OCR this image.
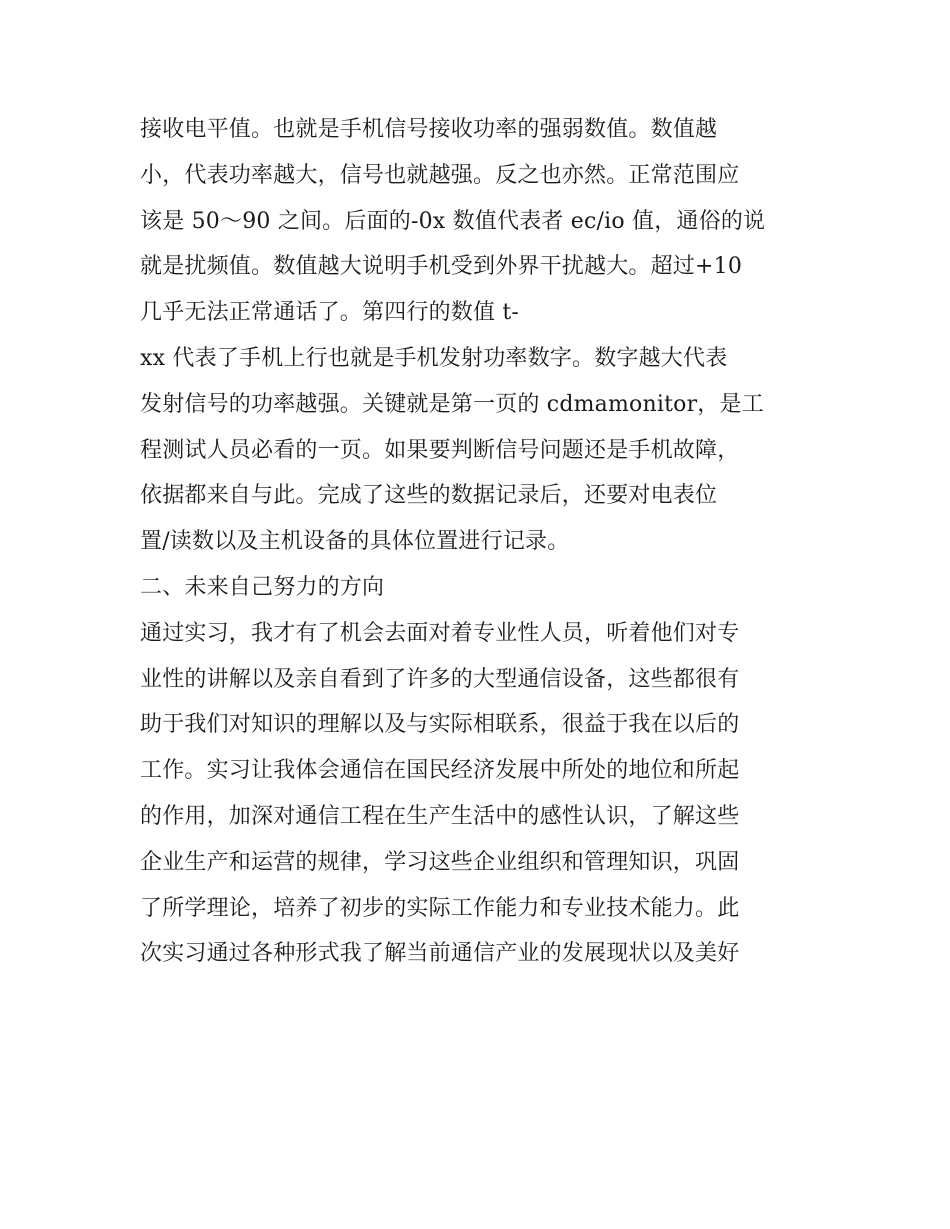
接收电平值。也就是手机信号接收功率的强弱数值。数值越
小，代表功率越大，信号也就越强。反之也亦然。正常范围应
该是 50～90 之间。后面的-0x 数值代表者 ec/io 值，通俗的说
就是扰频值。数值越大说明手机受到外界干扰越大。超过+10
几乎无法正常通话了。第四行的数值 t-
xx 代表了手机上行也就是手机发射功率数字。数字越大代表
发射信号的功率越强。关键就是第一页的 cdmamonitor，是工
程测试人员必看的一页。如果要判断信号问题还是手机故障，
依据都来自与此。完成了这些的数据记录后，还要对电表位
置/读数以及主机设备的具体位置进行记录。
二、未来自己努力的方向
通过实习，我才有了机会去面对着专业性人员，听着他们对专
业性的讲解以及亲自看到了许多的大型通信设备，这些都很有
助于我们对知识的理解以及与实际相联系，很益于我在以后的
工作。实习让我体会通信在国民经济发展中所处的地位和所起
的作用，加深对通信工程在生产生活中的感性认识，了解这些
企业生产和运营的规律，学习这些企业组织和管理知识，巩固
了所学理论，培养了初步的实际工作能力和专业技术能力。此
次实习通过各种形式我了解当前通信产业的发展现状以及美好
